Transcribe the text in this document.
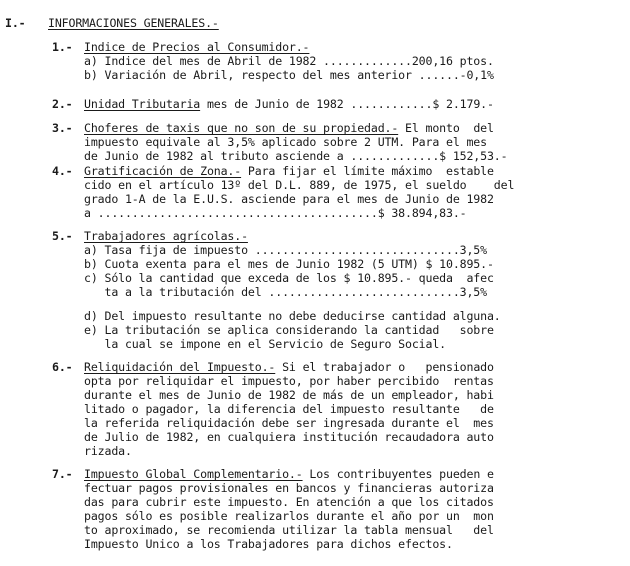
I.- INFORMACIONES GENERALES.-
1.- Indice de Precios al Consumidor.-
a) Indice del mes de Abril de 1982 .............200,16 ptos.
b) Variación de Abril, respecto del mes anterior ......-0,1%
2.- Unidad Tributaria mes de Junio de 1982 ............$ 2.179.-
3.- Choferes de taxis que no son de su propiedad.- El monto  del
impuesto equivale al 3,5% aplicado sobre 2 UTM. Para el mes
de Junio de 1982 al tributo asciende a .............$ 152,53.-
4.- Gratificación de Zona.- Para fijar el límite máximo  estable
cido en el artículo 13º del D.L. 889, de 1975, el sueldo    del
grado 1-A de la E.U.S. asciende para el mes de Junio de 1982
a .........................................$ 38.894,83.-
5.- Trabajadores agrícolas.-
a) Tasa fija de impuesto ..............................3,5%
b) Cuota exenta para el mes de Junio 1982 (5 UTM) $ 10.895.-
c) Sólo la cantidad que exceda de los $ 10.895.- queda  afec
ta a la tributación del ............................3,5%
d) Del impuesto resultante no debe deducirse cantidad alguna.
e) La tributación se aplica considerando la cantidad   sobre
la cual se impone en el Servicio de Seguro Social.
6.- Reliquidación del Impuesto.- Si el trabajador o   pensionado
opta por reliquidar el impuesto, por haber percibido  rentas
durante el mes de Junio de 1982 de más de un empleador, habi
litado o pagador, la diferencia del impuesto resultante   de
la referida reliquidación debe ser ingresada durante el  mes
de Julio de 1982, en cualquiera institución recaudadora auto
rizada.
7.- Impuesto Global Complementario.- Los contribuyentes pueden e
fectuar pagos provisionales en bancos y financieras autoriza
das para cubrir este impuesto. En atención a que los citados
pagos sólo es posible realizarlos durante el año por un  mon
to aproximado, se recomienda utilizar la tabla mensual   del
Impuesto Unico a los Trabajadores para dichos efectos.
